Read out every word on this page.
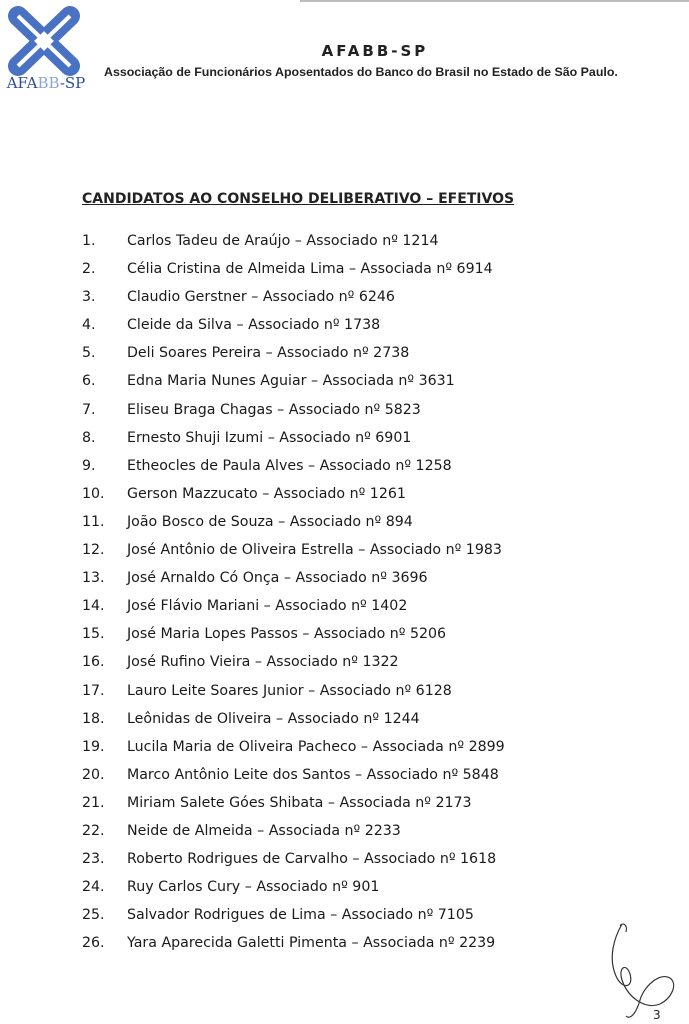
AFABB-SP
AFABB-SP
Associação de Funcionários Aposentados do Banco do Brasil no Estado de São Paulo.
CANDIDATOS AO CONSELHO DELIBERATIVO – EFETIVOS
1.	Carlos Tadeu de Araújo – Associado nº 1214
2.	Célia Cristina de Almeida Lima – Associada nº 6914
3.	Claudio Gerstner – Associado nº 6246
4.	Cleide da Silva – Associado nº 1738
5.	Deli Soares Pereira – Associado nº 2738
6.	Edna Maria Nunes Aguiar – Associada nº 3631
7.	Eliseu Braga Chagas – Associado nº 5823
8.	Ernesto Shuji Izumi – Associado nº 6901
9.	Etheocles de Paula Alves – Associado nº 1258
10.	Gerson Mazzucato – Associado nº 1261
11.	João Bosco de Souza – Associado nº 894
12.	José Antônio de Oliveira Estrella – Associado nº 1983
13.	José Arnaldo Có Onça – Associado nº 3696
14.	José Flávio Mariani – Associado nº 1402
15.	José Maria Lopes Passos – Associado nº 5206
16.	José Rufino Vieira – Associado nº 1322
17.	Lauro Leite Soares Junior – Associado nº 6128
18.	Leônidas de Oliveira – Associado nº 1244
19.	Lucila Maria de Oliveira Pacheco – Associada nº 2899
20.	Marco Antônio Leite dos Santos – Associado nº 5848
21.	Miriam Salete Góes Shibata – Associada nº 2173
22.	Neide de Almeida – Associada nº 2233
23.	Roberto Rodrigues de Carvalho – Associado nº 1618
24.	Ruy Carlos Cury – Associado nº 901
25.	Salvador Rodrigues de Lima – Associado nº 7105
26.	Yara Aparecida Galetti Pimenta – Associada nº 2239
3
